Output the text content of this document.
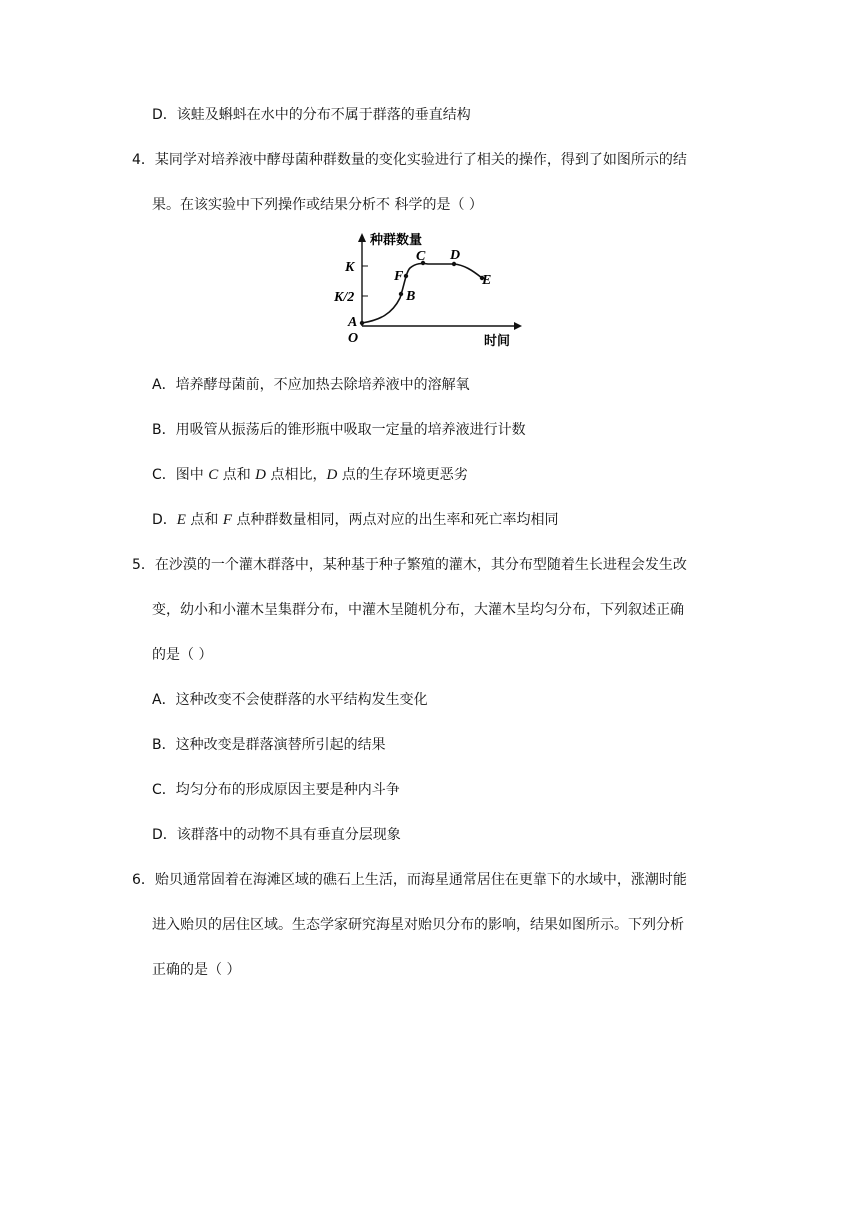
D．该蛙及蝌蚪在水中的分布不属于群落的垂直结构
4．某同学对培养液中酵母菌种群数量的变化实验进行了相关的操作，得到了如图所示的结
果。在该实验中下列操作或结果分析不 科学的是（ ）
种群数量
时间
O
K
K/2
A
B
F
C D
E
A．培养酵母菌前，不应加热去除培养液中的溶解氧
B．用吸管从振荡后的锥形瓶中吸取一定量的培养液进行计数
C．图中 C 点和 D 点相比，D 点的生存环境更恶劣
D．E 点和 F 点种群数量相同，两点对应的出生率和死亡率均相同
5．在沙漠的一个灌木群落中，某种基于种子繁殖的灌木，其分布型随着生长进程会发生改
变，幼小和小灌木呈集群分布，中灌木呈随机分布，大灌木呈均匀分布，下列叙述正确
的是（ ）
A．这种改变不会使群落的水平结构发生变化
B．这种改变是群落演替所引起的结果
C．均匀分布的形成原因主要是种内斗争
D．该群落中的动物不具有垂直分层现象
6．贻贝通常固着在海滩区域的礁石上生活，而海星通常居住在更靠下的水域中，涨潮时能
进入贻贝的居住区域。生态学家研究海星对贻贝分布的影响，结果如图所示。下列分析
正确的是（ ）
